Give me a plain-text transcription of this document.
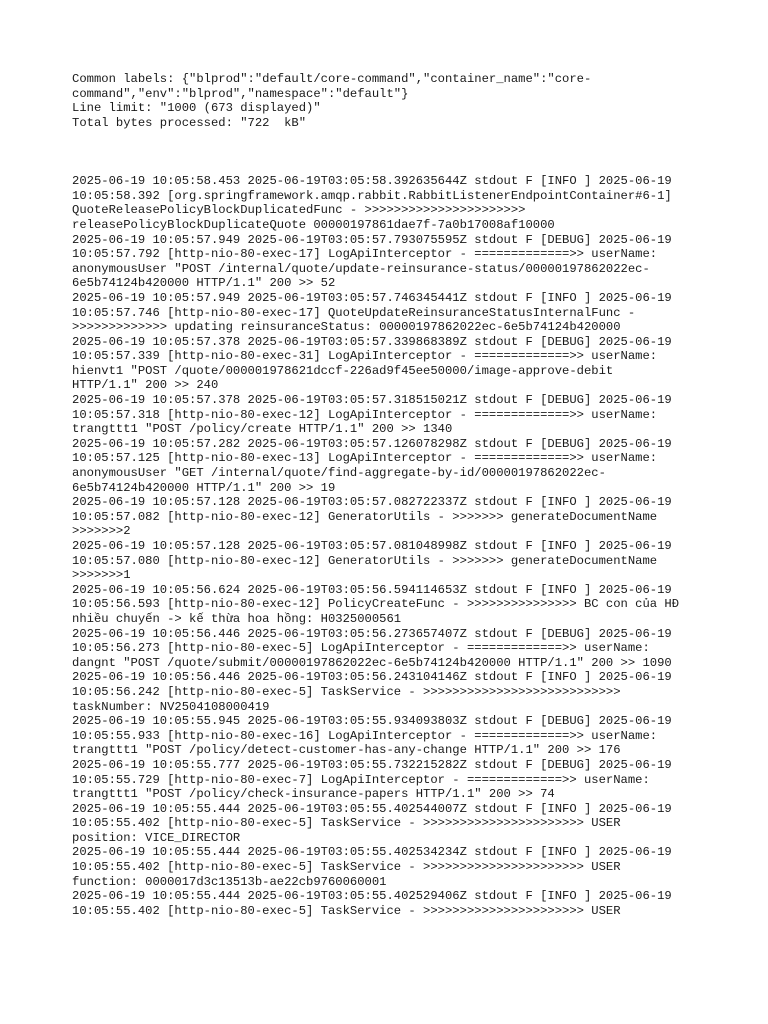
Common labels: {"blprod":"default/core-command","container_name":"core-
command","env":"blprod","namespace":"default"}
Line limit: "1000 (673 displayed)"
Total bytes processed: "722  kB"
2025-06-19 10:05:58.453 2025-06-19T03:05:58.392635644Z stdout F [INFO ] 2025-06-19
10:05:58.392 [org.springframework.amqp.rabbit.RabbitListenerEndpointContainer#6-1]
QuoteReleasePolicyBlockDuplicatedFunc - >>>>>>>>>>>>>>>>>>>>>>
releasePolicyBlockDuplicateQuote 00000197861dae7f-7a0b17008af10000
2025-06-19 10:05:57.949 2025-06-19T03:05:57.793075595Z stdout F [DEBUG] 2025-06-19
10:05:57.792 [http-nio-80-exec-17] LogApiInterceptor - =============>> userName:
anonymousUser "POST /internal/quote/update-reinsurance-status/00000197862022ec-
6e5b74124b420000 HTTP/1.1" 200 >> 52
2025-06-19 10:05:57.949 2025-06-19T03:05:57.746345441Z stdout F [INFO ] 2025-06-19
10:05:57.746 [http-nio-80-exec-17] QuoteUpdateReinsuranceStatusInternalFunc -
>>>>>>>>>>>>> updating reinsuranceStatus: 00000197862022ec-6e5b74124b420000
2025-06-19 10:05:57.378 2025-06-19T03:05:57.339868389Z stdout F [DEBUG] 2025-06-19
10:05:57.339 [http-nio-80-exec-31] LogApiInterceptor - =============>> userName:
hienvt1 "POST /quote/000001978621dccf-226ad9f45ee50000/image-approve-debit
HTTP/1.1" 200 >> 240
2025-06-19 10:05:57.378 2025-06-19T03:05:57.318515021Z stdout F [DEBUG] 2025-06-19
10:05:57.318 [http-nio-80-exec-12] LogApiInterceptor - =============>> userName:
trangttt1 "POST /policy/create HTTP/1.1" 200 >> 1340
2025-06-19 10:05:57.282 2025-06-19T03:05:57.126078298Z stdout F [DEBUG] 2025-06-19
10:05:57.125 [http-nio-80-exec-13] LogApiInterceptor - =============>> userName:
anonymousUser "GET /internal/quote/find-aggregate-by-id/00000197862022ec-
6e5b74124b420000 HTTP/1.1" 200 >> 19
2025-06-19 10:05:57.128 2025-06-19T03:05:57.082722337Z stdout F [INFO ] 2025-06-19
10:05:57.082 [http-nio-80-exec-12] GeneratorUtils - >>>>>>> generateDocumentName
>>>>>>>2
2025-06-19 10:05:57.128 2025-06-19T03:05:57.081048998Z stdout F [INFO ] 2025-06-19
10:05:57.080 [http-nio-80-exec-12] GeneratorUtils - >>>>>>> generateDocumentName
>>>>>>>1
2025-06-19 10:05:56.624 2025-06-19T03:05:56.594114653Z stdout F [INFO ] 2025-06-19
10:05:56.593 [http-nio-80-exec-12] PolicyCreateFunc - >>>>>>>>>>>>>>> BC con của HĐ
nhiều chuyến -> kế thừa hoa hồng: H0325000561
2025-06-19 10:05:56.446 2025-06-19T03:05:56.273657407Z stdout F [DEBUG] 2025-06-19
10:05:56.273 [http-nio-80-exec-5] LogApiInterceptor - =============>> userName:
dangnt "POST /quote/submit/00000197862022ec-6e5b74124b420000 HTTP/1.1" 200 >> 1090
2025-06-19 10:05:56.446 2025-06-19T03:05:56.243104146Z stdout F [INFO ] 2025-06-19
10:05:56.242 [http-nio-80-exec-5] TaskService - >>>>>>>>>>>>>>>>>>>>>>>>>>>
taskNumber: NV2504108000419
2025-06-19 10:05:55.945 2025-06-19T03:05:55.934093803Z stdout F [DEBUG] 2025-06-19
10:05:55.933 [http-nio-80-exec-16] LogApiInterceptor - =============>> userName:
trangttt1 "POST /policy/detect-customer-has-any-change HTTP/1.1" 200 >> 176
2025-06-19 10:05:55.777 2025-06-19T03:05:55.732215282Z stdout F [DEBUG] 2025-06-19
10:05:55.729 [http-nio-80-exec-7] LogApiInterceptor - =============>> userName:
trangttt1 "POST /policy/check-insurance-papers HTTP/1.1" 200 >> 74
2025-06-19 10:05:55.444 2025-06-19T03:05:55.402544007Z stdout F [INFO ] 2025-06-19
10:05:55.402 [http-nio-80-exec-5] TaskService - >>>>>>>>>>>>>>>>>>>>>> USER
position: VICE_DIRECTOR
2025-06-19 10:05:55.444 2025-06-19T03:05:55.402534234Z stdout F [INFO ] 2025-06-19
10:05:55.402 [http-nio-80-exec-5] TaskService - >>>>>>>>>>>>>>>>>>>>>> USER
function: 0000017d3c13513b-ae22cb9760060001
2025-06-19 10:05:55.444 2025-06-19T03:05:55.402529406Z stdout F [INFO ] 2025-06-19
10:05:55.402 [http-nio-80-exec-5] TaskService - >>>>>>>>>>>>>>>>>>>>>> USER
